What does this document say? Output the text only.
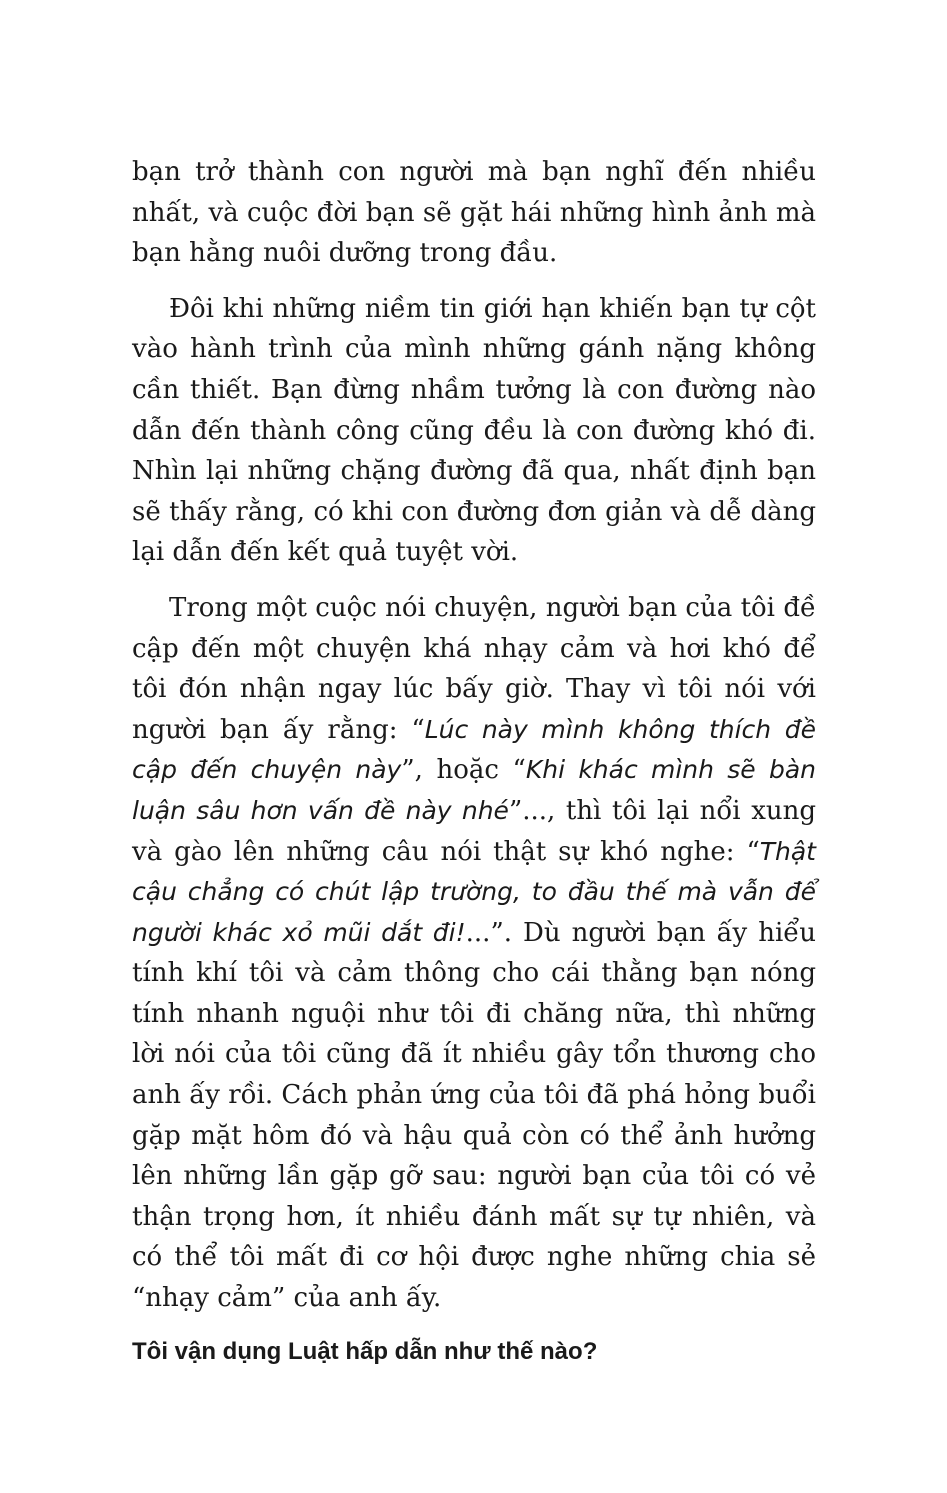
bạn trở thành con người mà bạn nghĩ đến nhiều nhất, và cuộc đời bạn sẽ gặt hái những hình ảnh mà bạn hằng nuôi dưỡng trong đầu.

Đôi khi những niềm tin giới hạn khiến bạn tự cột vào hành trình của mình những gánh nặng không cần thiết. Bạn đừng nhầm tưởng là con đường nào dẫn đến thành công cũng đều là con đường khó đi. Nhìn lại những chặng đường đã qua, nhất định bạn sẽ thấy rằng, có khi con đường đơn giản và dễ dàng lại dẫn đến kết quả tuyệt vời.

Trong một cuộc nói chuyện, người bạn của tôi đề cập đến một chuyện khá nhạy cảm và hơi khó để tôi đón nhận ngay lúc bấy giờ. Thay vì tôi nói với người bạn ấy rằng: “Lúc này mình không thích đề cập đến chuyện này”, hoặc “Khi khác mình sẽ bàn luận sâu hơn vấn đề này nhé”..., thì tôi lại nổi xung và gào lên những câu nói thật sự khó nghe: “Thật cậu chẳng có chút lập trường, to đầu thế mà vẫn để người khác xỏ mũi dắt đi!...”. Dù người bạn ấy hiểu tính khí tôi và cảm thông cho cái thằng bạn nóng tính nhanh nguội như tôi đi chăng nữa, thì những lời nói của tôi cũng đã ít nhiều gây tổn thương cho anh ấy rồi. Cách phản ứng của tôi đã phá hỏng buổi gặp mặt hôm đó và hậu quả còn có thể ảnh hưởng lên những lần gặp gỡ sau: người bạn của tôi có vẻ thận trọng hơn, ít nhiều đánh mất sự tự nhiên, và có thể tôi mất đi cơ hội được nghe những chia sẻ “nhạy cảm” của anh ấy.

Tôi vận dụng Luật hấp dẫn như thế nào?
